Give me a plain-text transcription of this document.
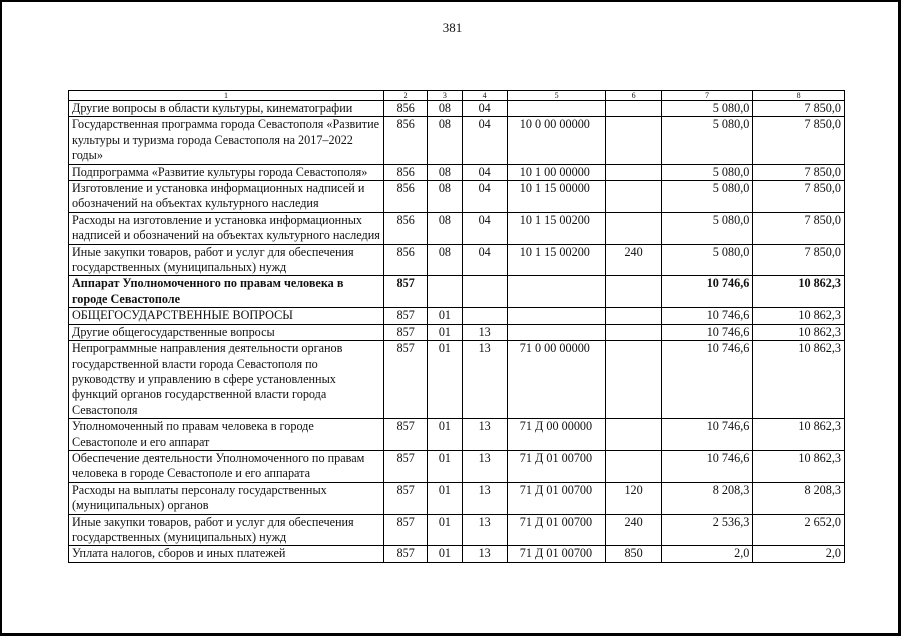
381
1	2	3	4	5	6	7	8
Другие вопросы в области культуры, кинематографии	856	08	04			5 080,0	7 850,0
Государственная программа города Севастополя «Развитие культуры и туризма города Севастополя на 2017–2022 годы»	856	08	04	10 0 00 00000		5 080,0	7 850,0
Подпрограмма «Развитие культуры города Севастополя»	856	08	04	10 1 00 00000		5 080,0	7 850,0
Изготовление и установка информационных надписей и обозначений на объектах культурного наследия	856	08	04	10 1 15 00000		5 080,0	7 850,0
Расходы на изготовление и установка информационных надписей и обозначений на объектах культурного наследия	856	08	04	10 1 15 00200		5 080,0	7 850,0
Иные закупки товаров, работ и услуг для обеспечения государственных (муниципальных) нужд	856	08	04	10 1 15 00200	240	5 080,0	7 850,0
Аппарат Уполномоченного по правам человека в городе Севастополе	857					10 746,6	10 862,3
ОБЩЕГОСУДАРСТВЕННЫЕ ВОПРОСЫ	857	01				10 746,6	10 862,3
Другие общегосударственные вопросы	857	01	13			10 746,6	10 862,3
Непрограммные направления деятельности органов государственной власти города Севастополя по руководству и управлению в сфере установленных функций органов государственной власти города Севастополя	857	01	13	71 0 00 00000		10 746,6	10 862,3
Уполномоченный по правам человека в городе Севастополе и его аппарат	857	01	13	71 Д 00 00000		10 746,6	10 862,3
Обеспечение деятельности Уполномоченного по правам человека в городе Севастополе и его аппарата	857	01	13	71 Д 01 00700		10 746,6	10 862,3
Расходы на выплаты персоналу государственных (муниципальных) органов	857	01	13	71 Д 01 00700	120	8 208,3	8 208,3
Иные закупки товаров, работ и услуг для обеспечения государственных (муниципальных) нужд	857	01	13	71 Д 01 00700	240	2 536,3	2 652,0
Уплата налогов, сборов и иных платежей	857	01	13	71 Д 01 00700	850	2,0	2,0
